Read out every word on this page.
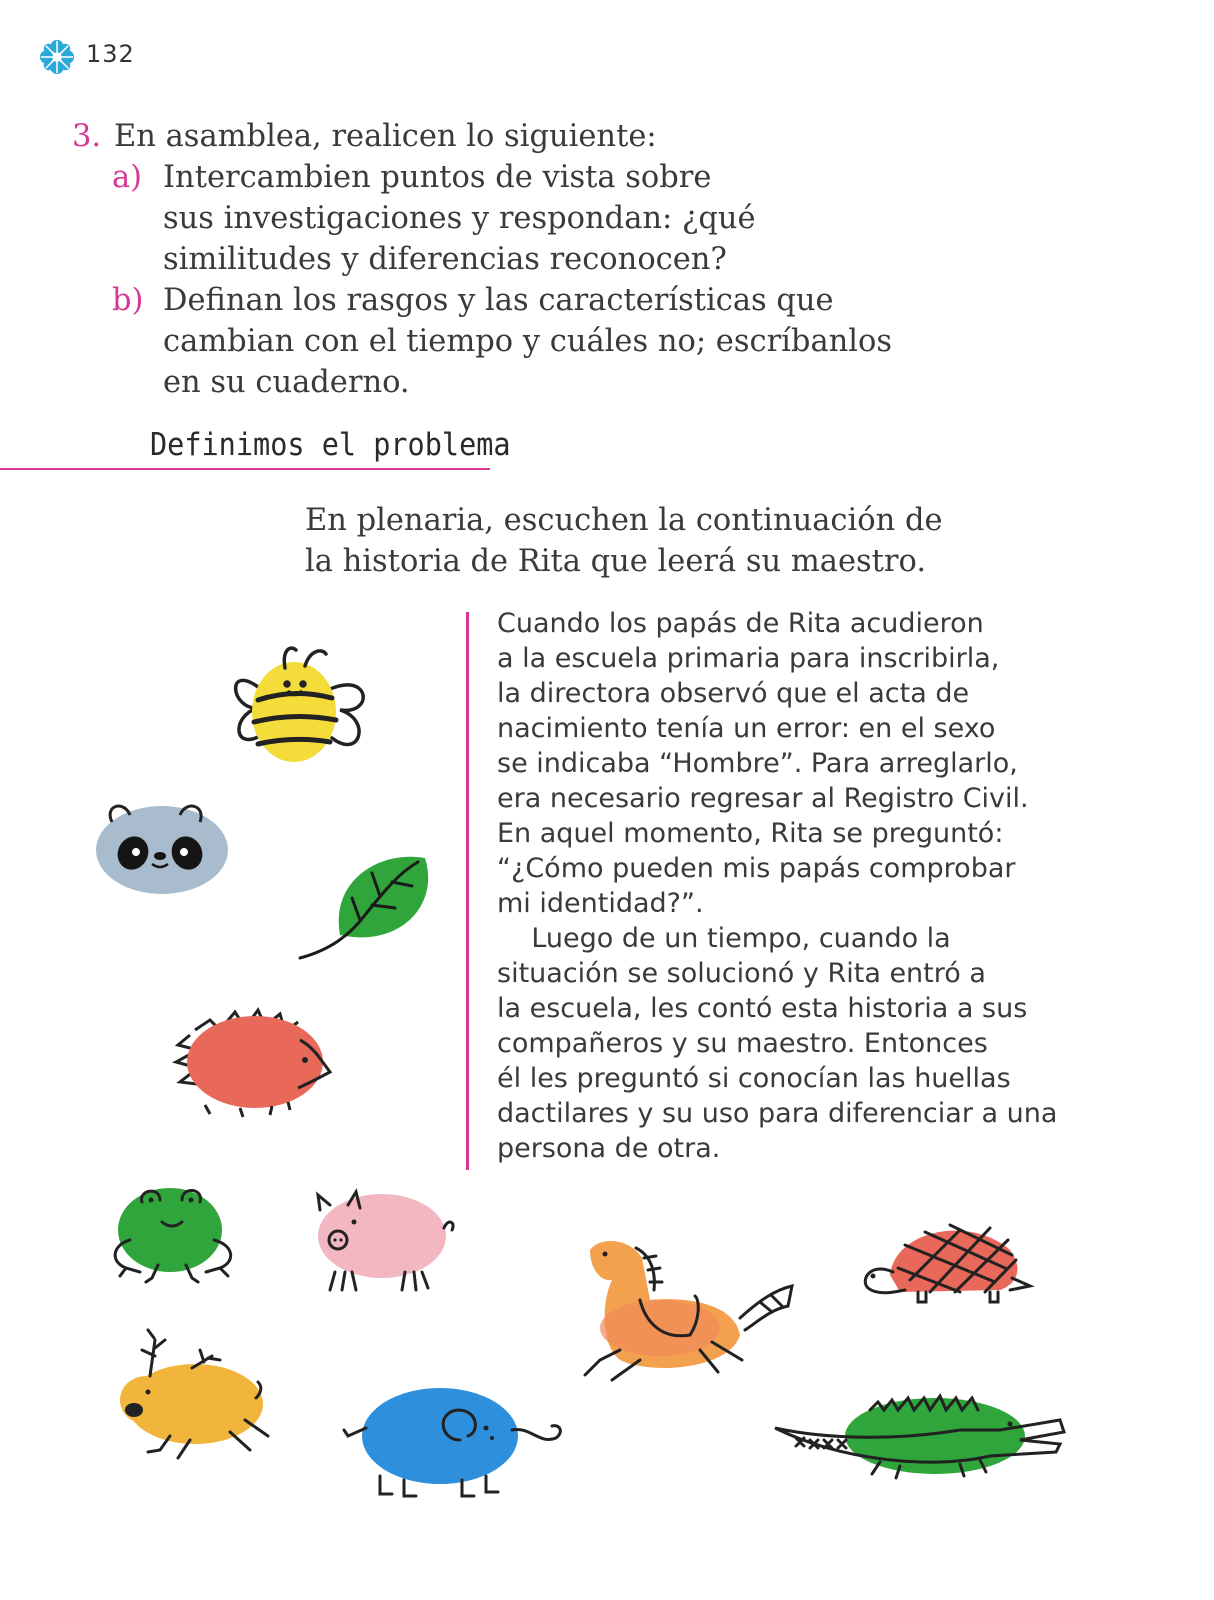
132
3. En asamblea, realicen lo siguiente:
a) Intercambien puntos de vista sobre
sus investigaciones y respondan: ¿qué
similitudes y diferencias reconocen?
b) Definan los rasgos y las características que
cambian con el tiempo y cuáles no; escríbanlos
en su cuaderno.
Definimos el problema
En plenaria, escuchen la continuación de
la historia de Rita que leerá su maestro.
Cuando los papás de Rita acudieron
a la escuela primaria para inscribirla,
la directora observó que el acta de
nacimiento tenía un error: en el sexo
se indicaba “Hombre”. Para arreglarlo,
era necesario regresar al Registro Civil.
En aquel momento, Rita se preguntó:
“¿Cómo pueden mis papás comprobar
mi identidad?”.
Luego de un tiempo, cuando la
situación se solucionó y Rita entró a
la escuela, les contó esta historia a sus
compañeros y su maestro. Entonces
él les preguntó si conocían las huellas
dactilares y su uso para diferenciar a una
persona de otra.
